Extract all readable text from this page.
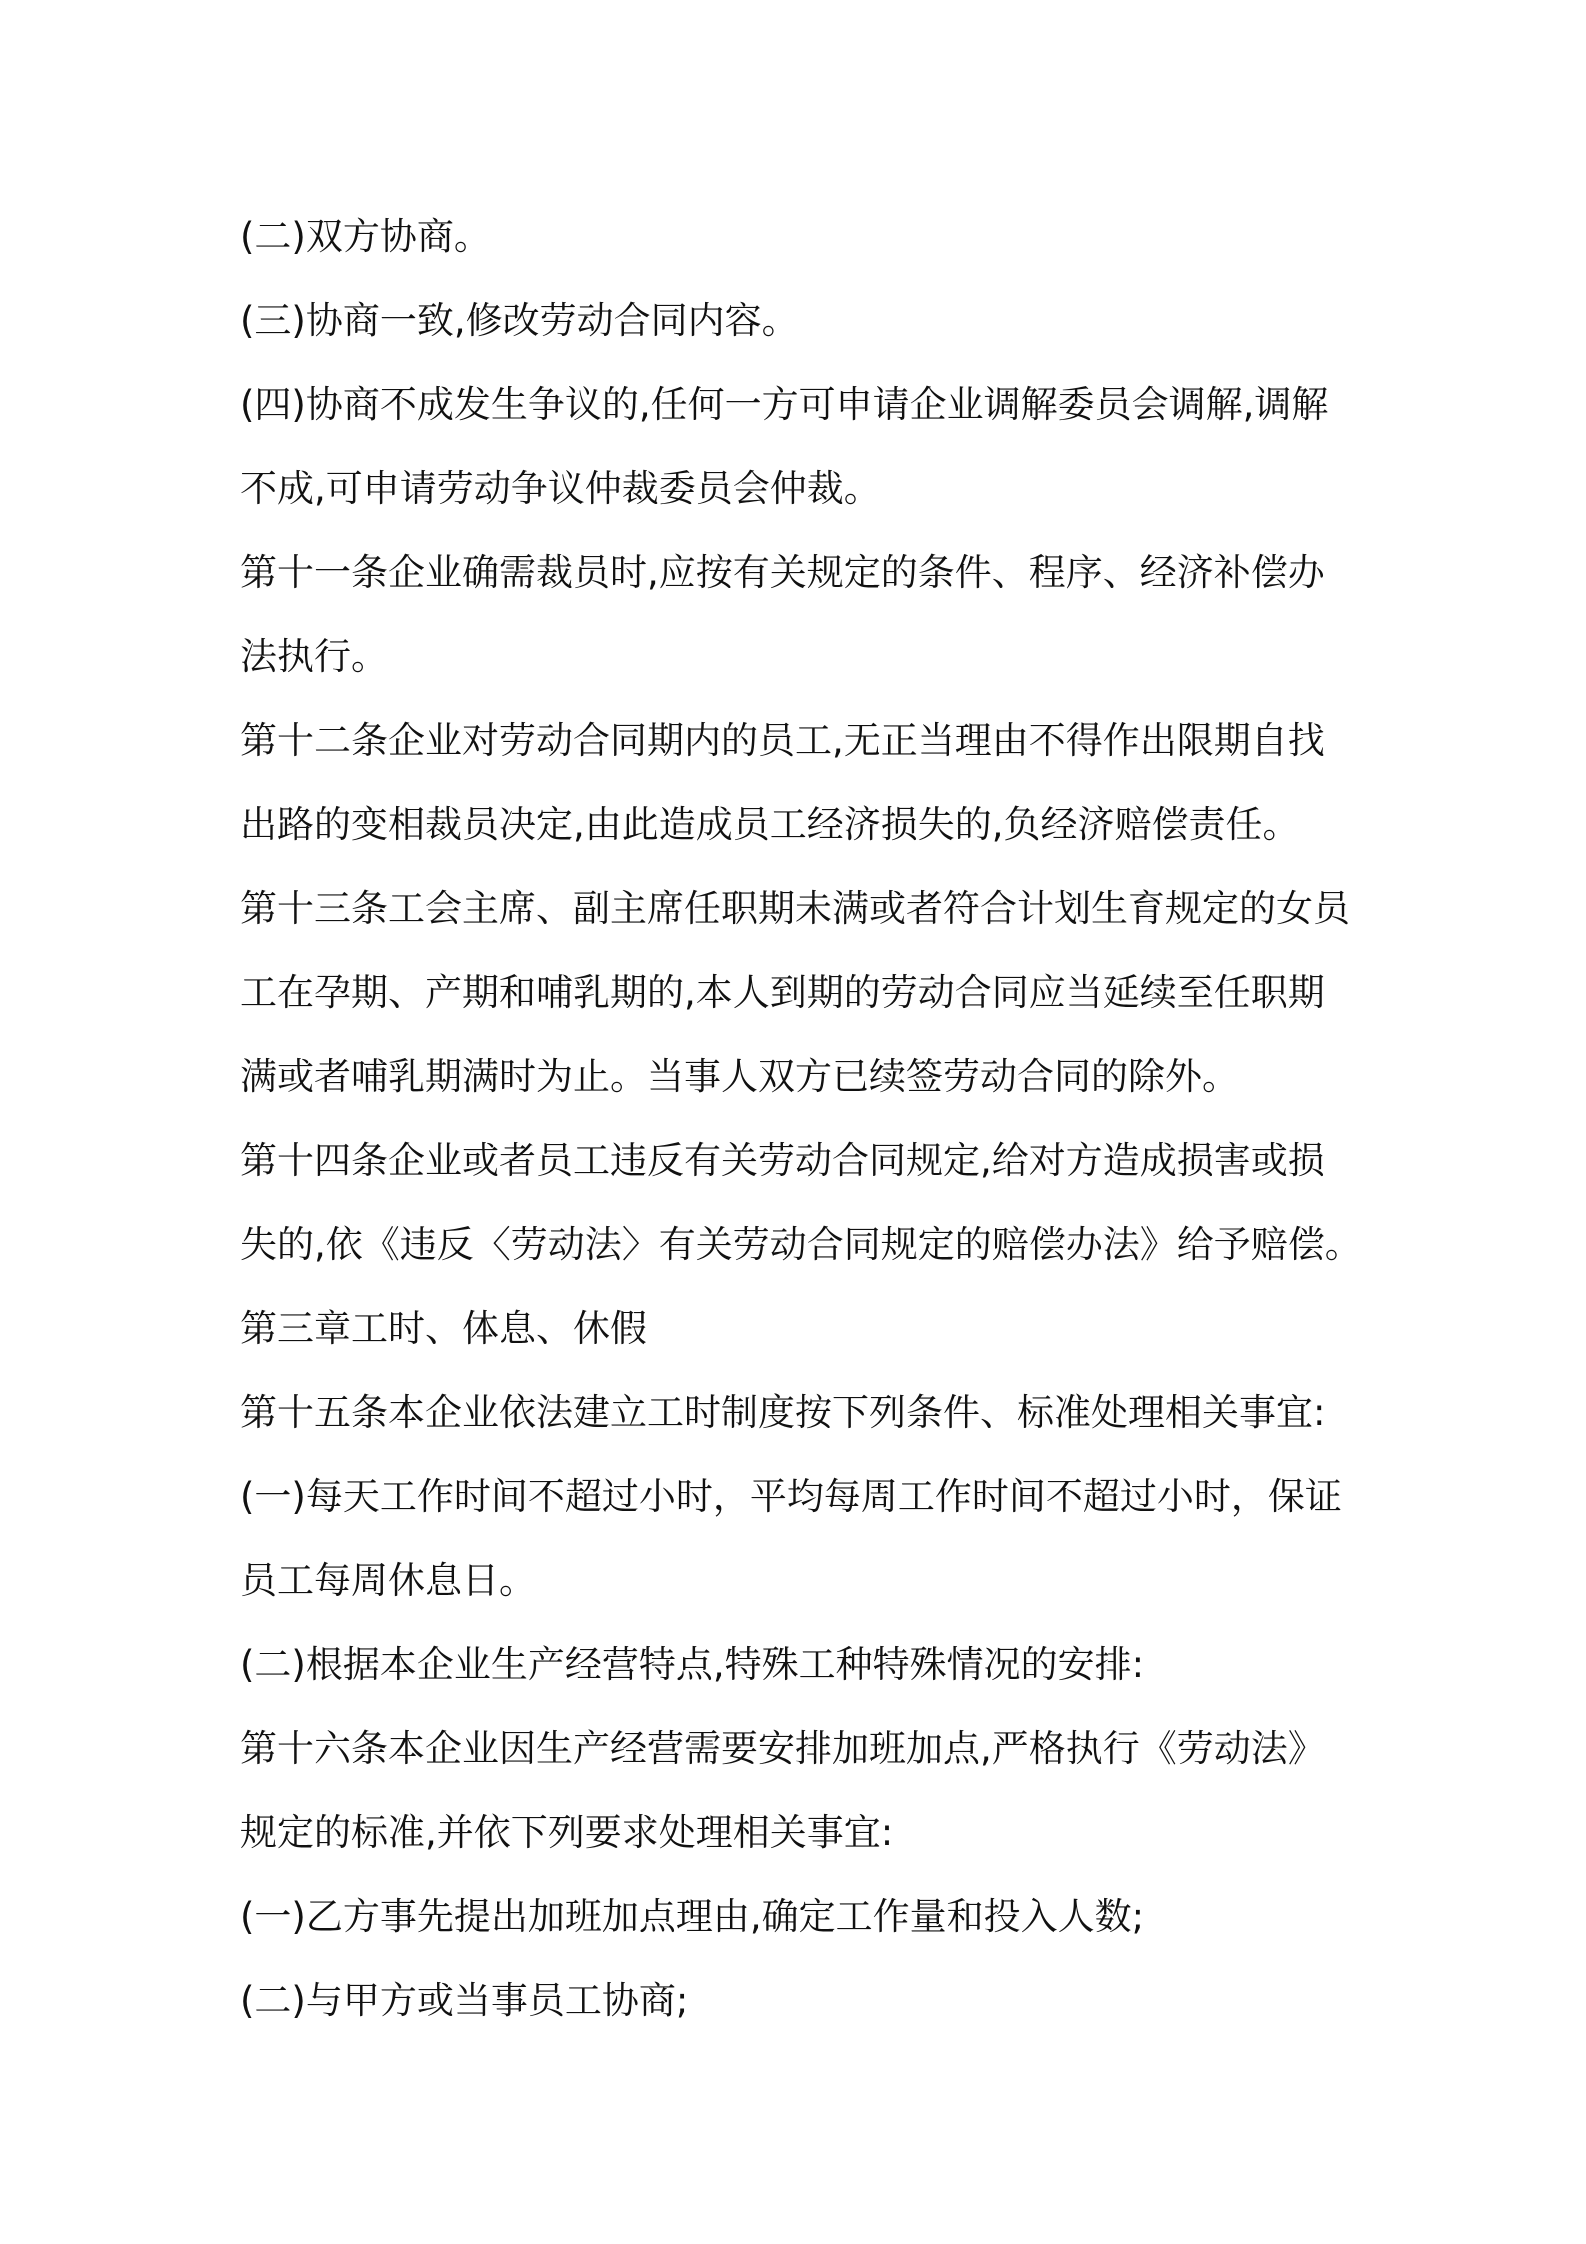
(二)双方协商。
(三)协商一致,修改劳动合同内容。
(四)协商不成发生争议的,任何一方可申请企业调解委员会调解,调解
不成,可申请劳动争议仲裁委员会仲裁。
第十一条企业确需裁员时,应按有关规定的条件、程序、经济补偿办
法执行。
第十二条企业对劳动合同期内的员工,无正当理由不得作出限期自找
出路的变相裁员决定,由此造成员工经济损失的,负经济赔偿责任。
第十三条工会主席、副主席任职期未满或者符合计划生育规定的女员
工在孕期、产期和哺乳期的,本人到期的劳动合同应当延续至任职期
满或者哺乳期满时为止。当事人双方已续签劳动合同的除外。
第十四条企业或者员工违反有关劳动合同规定,给对方造成损害或损
失的,依《违反〈劳动法〉有关劳动合同规定的赔偿办法》给予赔偿。
第三章工时、体息、休假
第十五条本企业依法建立工时制度按下列条件、标准处理相关事宜:
(一)每天工作时间不超过小时，平均每周工作时间不超过小时，保证
员工每周休息日。
(二)根据本企业生产经营特点,特殊工种特殊情况的安排:
第十六条本企业因生产经营需要安排加班加点,严格执行《劳动法》
规定的标准,并依下列要求处理相关事宜:
(一)乙方事先提出加班加点理由,确定工作量和投入人数;
(二)与甲方或当事员工协商;
